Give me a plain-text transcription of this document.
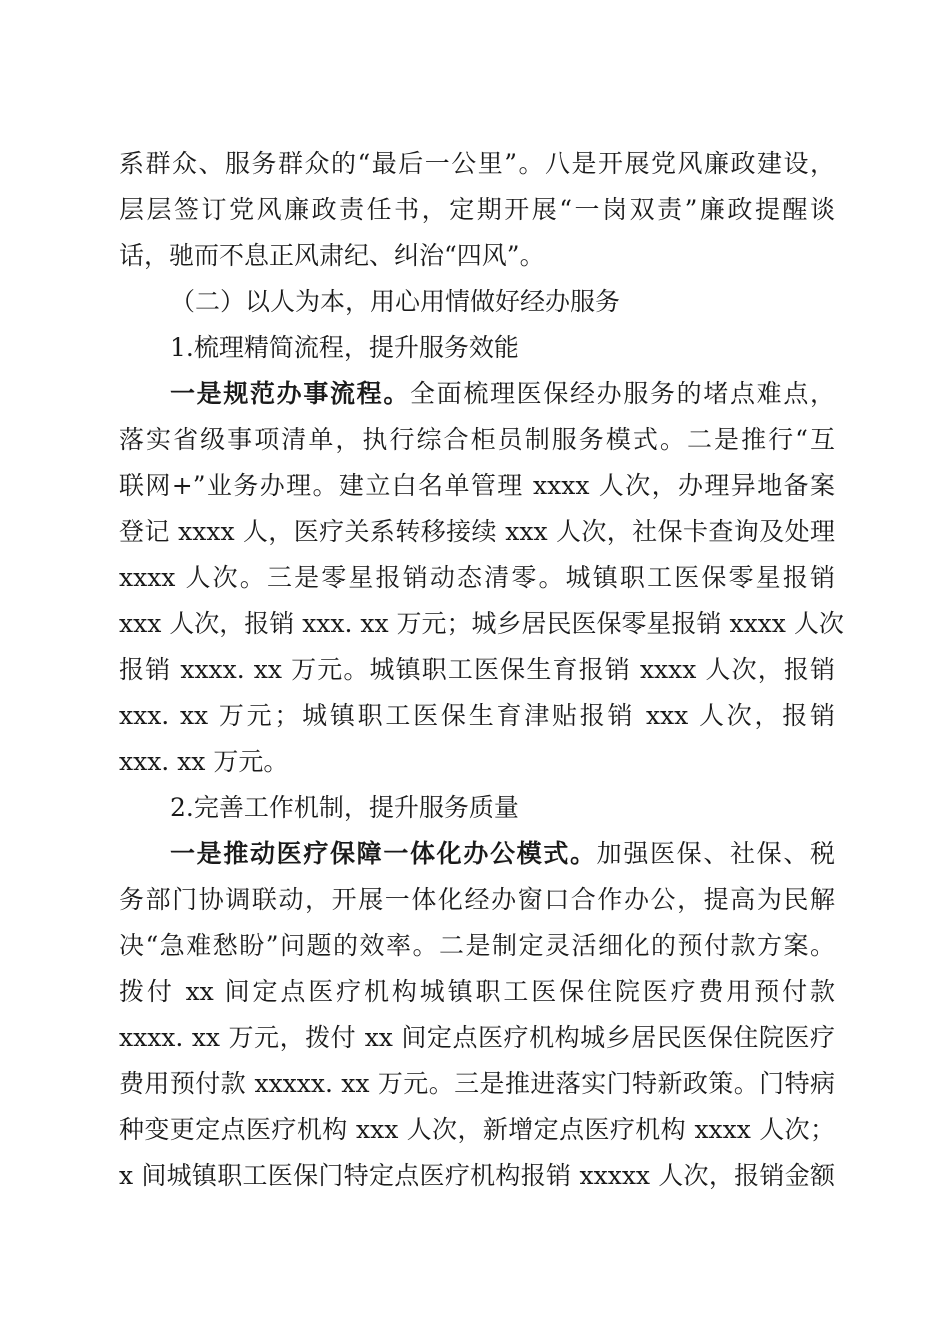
系群众、服务群众的“最后一公里”。八是开展党风廉政建设，
层层签订党风廉政责任书，定期开展“一岗双责”廉政提醒谈
话，驰而不息正风肃纪、纠治“四风”。
（二）以人为本，用心用情做好经办服务
1.梳理精简流程，提升服务效能
一是规范办事流程。全面梳理医保经办服务的堵点难点，
落实省级事项清单，执行综合柜员制服务模式。二是推行“互
联网+”业务办理。建立白名单管理 xxxx 人次，办理异地备案
登记 xxxx 人，医疗关系转移接续 xxx 人次，社保卡查询及处理
xxxx 人次。三是零星报销动态清零。城镇职工医保零星报销
xxx 人次，报销 xxx. xx 万元；城乡居民医保零星报销 xxxx 人次
报销 xxxx. xx 万元。城镇职工医保生育报销 xxxx 人次，报销
xxx. xx 万元；城镇职工医保生育津贴报销 xxx 人次，报销
xxx. xx 万元。
2.完善工作机制，提升服务质量
一是推动医疗保障一体化办公模式。加强医保、社保、税
务部门协调联动，开展一体化经办窗口合作办公，提高为民解
决“急难愁盼”问题的效率。二是制定灵活细化的预付款方案。
拨付 xx 间定点医疗机构城镇职工医保住院医疗费用预付款
xxxx. xx 万元，拨付 xx 间定点医疗机构城乡居民医保住院医疗
费用预付款 xxxxx. xx 万元。三是推进落实门特新政策。门特病
种变更定点医疗机构 xxx 人次，新增定点医疗机构 xxxx 人次；
x 间城镇职工医保门特定点医疗机构报销 xxxxx 人次，报销金额
